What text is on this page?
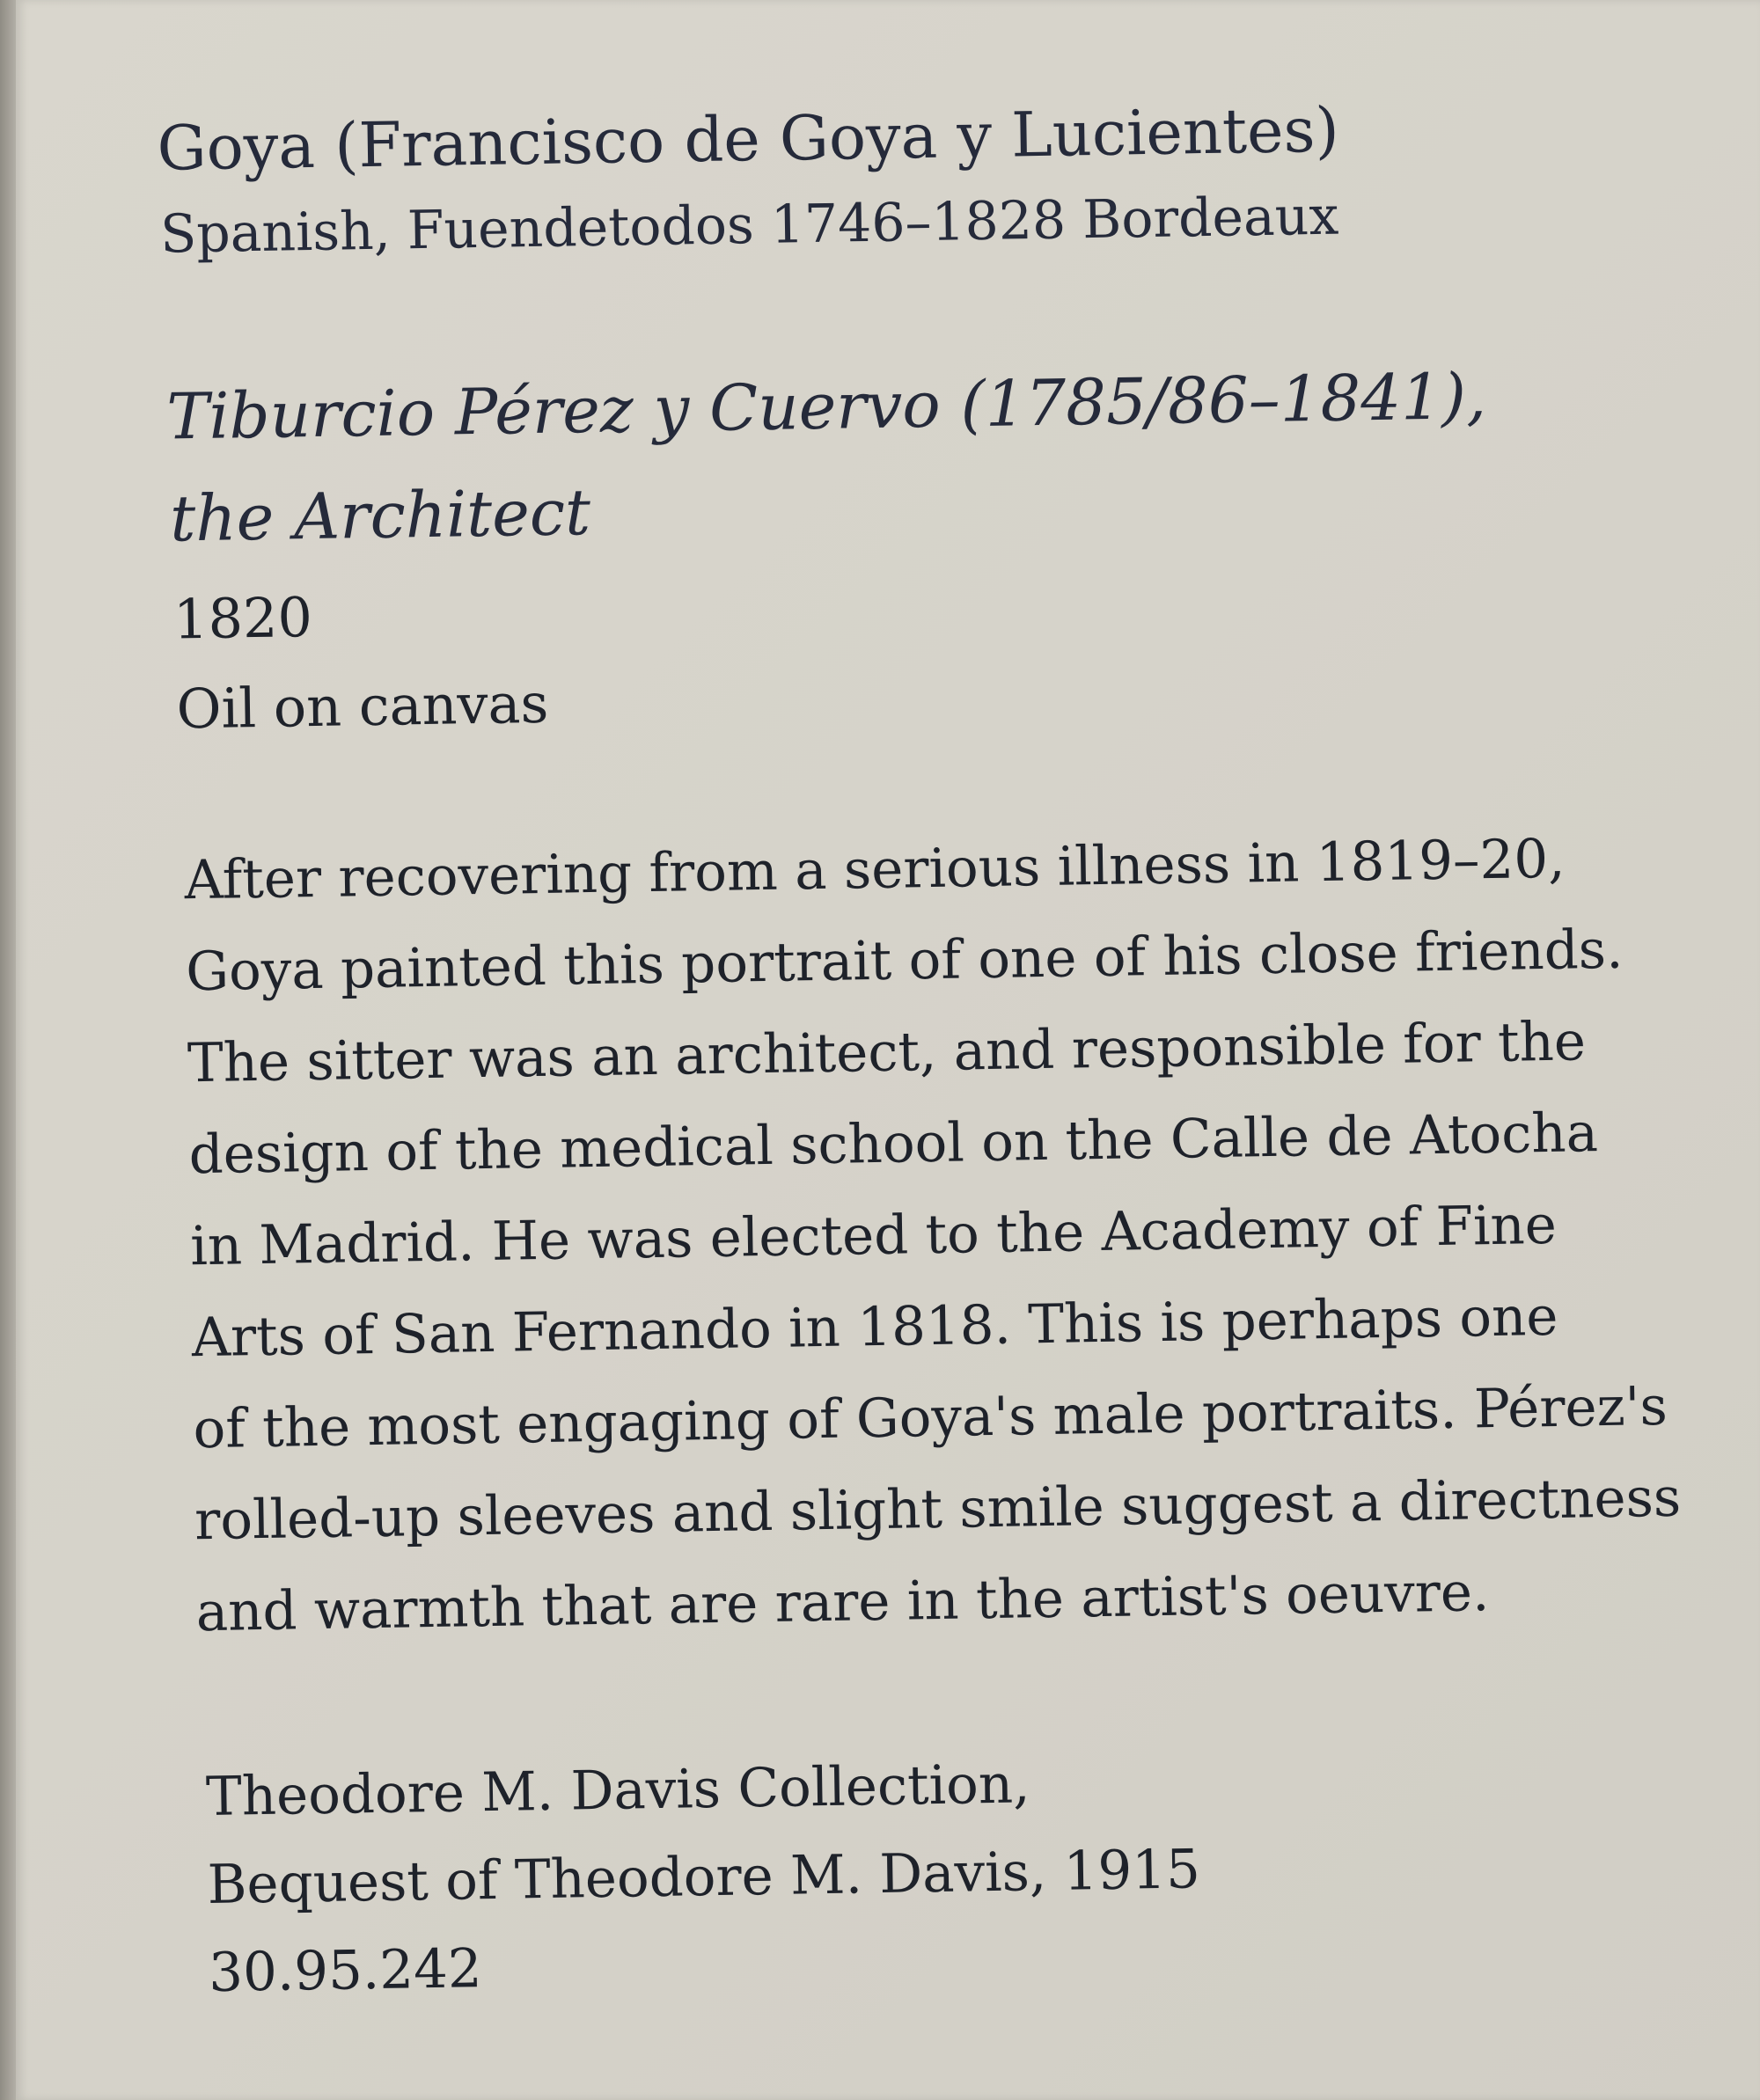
Goya (Francisco de Goya y Lucientes)

Spanish, Fuendetodos 1746–1828 Bordeaux

Tiburcio Pérez y Cuervo (1785/86–1841),

the Architect

1820

Oil on canvas

After recovering from a serious illness in 1819–20,

Goya painted this portrait of one of his close friends.

The sitter was an architect, and responsible for the

design of the medical school on the Calle de Atocha

in Madrid. He was elected to the Academy of Fine

Arts of San Fernando in 1818. This is perhaps one

of the most engaging of Goya's male portraits. Pérez's

rolled-up sleeves and slight smile suggest a directness

and warmth that are rare in the artist's oeuvre.

Theodore M. Davis Collection,

Bequest of Theodore M. Davis, 1915

30.95.242
